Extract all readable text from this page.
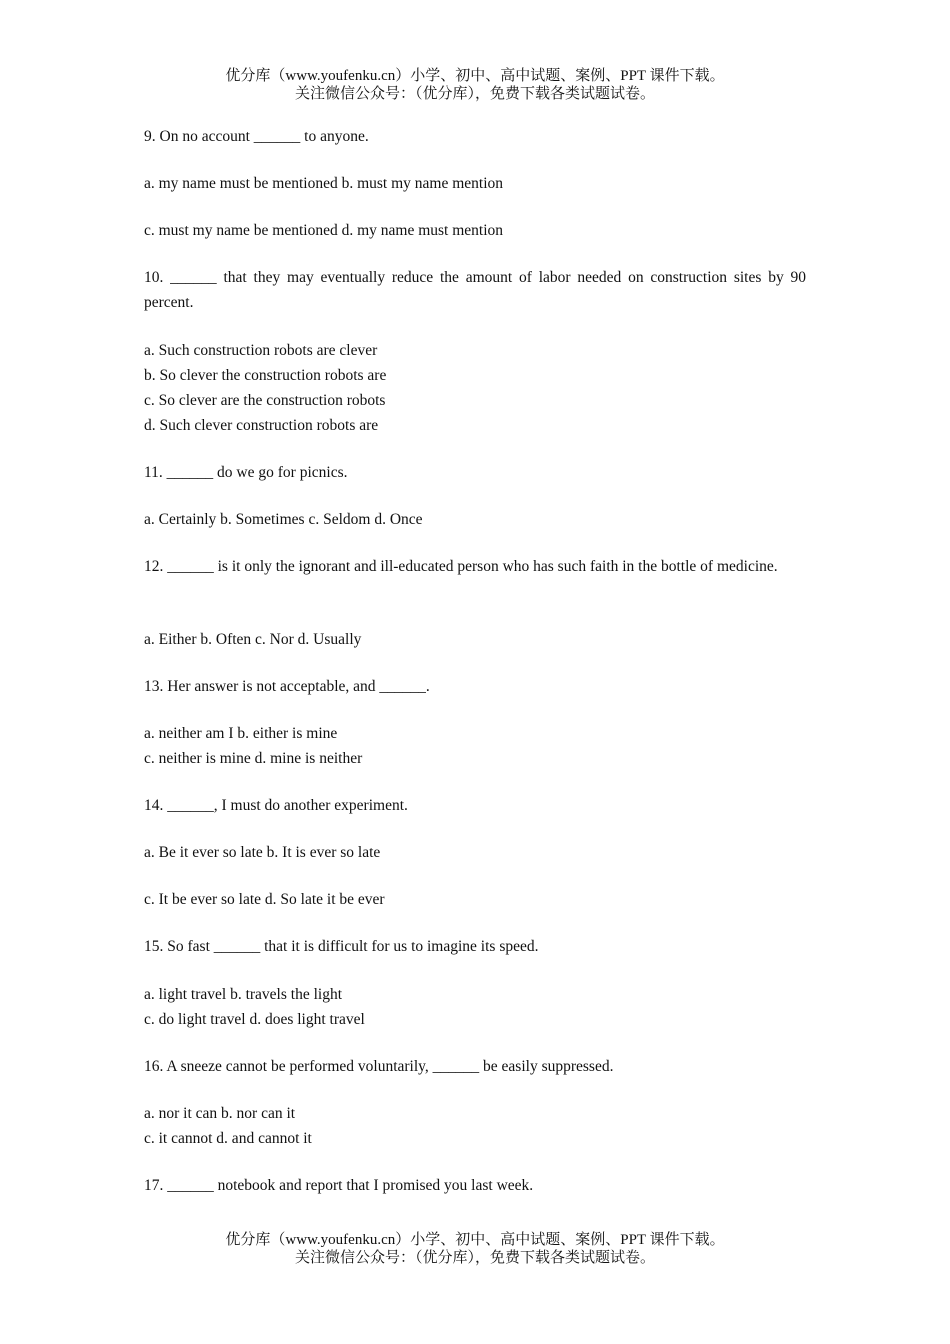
优分库（www.youfenku.cn）小学、初中、高中试题、案例、PPT 课件下载。
关注微信公众号：（优分库），免费下载各类试题试卷。
9. On no account ______ to anyone.
a. my name must be mentioned b. must my name mention
c. must my name be mentioned d. my name must mention
10. ______ that they may eventually reduce the amount of labor needed on construction sites by 90 percent.
a. Such construction robots are clever
b. So clever the construction robots are
c. So clever are the construction robots
d. Such clever construction robots are
11. ______ do we go for picnics.
a. Certainly b. Sometimes c. Seldom d. Once
12. ______ is it only the ignorant and ill-educated person who has such faith in the bottle of medicine.
a. Either b. Often c. Nor d. Usually
13. Her answer is not acceptable, and ______.
a. neither am I b. either is mine
c. neither is mine d. mine is neither
14. ______, I must do another experiment.
a. Be it ever so late b. It is ever so late
c. It be ever so late d. So late it be ever
15. So fast ______ that it is difficult for us to imagine its speed.
a. light travel b. travels the light
c. do light travel d. does light travel
16. A sneeze cannot be performed voluntarily, ______ be easily suppressed.
a. nor it can b. nor can it
c. it cannot d. and cannot it
17. ______ notebook and report that I promised you last week.
优分库（www.youfenku.cn）小学、初中、高中试题、案例、PPT 课件下载。
关注微信公众号：（优分库），免费下载各类试题试卷。
